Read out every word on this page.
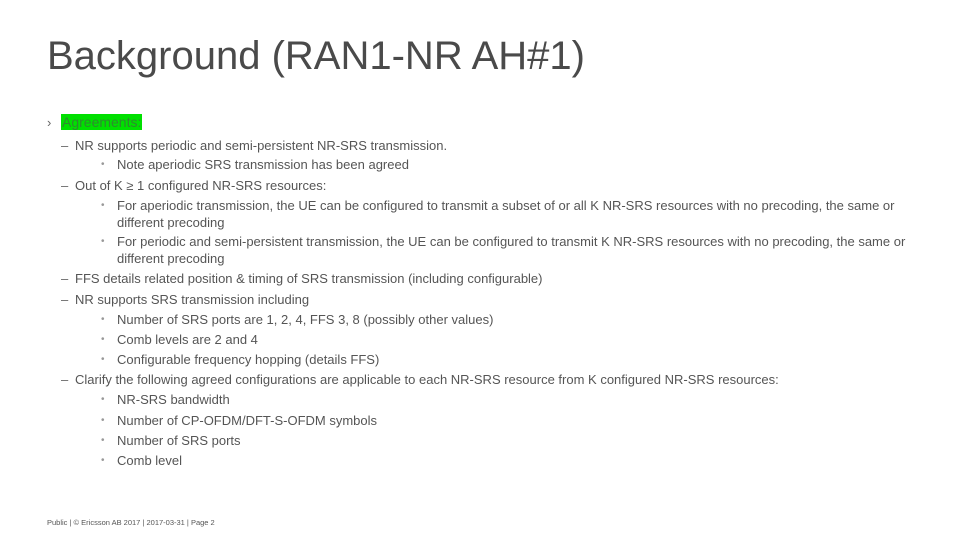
Background (RAN1-NR AH#1)
› Agreements:
– NR supports periodic and semi-persistent NR-SRS transmission.
• Note aperiodic SRS transmission has been agreed
– Out of K ≥ 1 configured NR-SRS resources:
• For aperiodic transmission, the UE can be configured to transmit a subset of or all K NR-SRS resources with no precoding, the same or different precoding
• For periodic and semi-persistent transmission, the UE can be configured to transmit K NR-SRS resources with no precoding, the same or different precoding
– FFS details related position & timing of SRS transmission (including configurable)
– NR supports SRS transmission including
• Number of SRS ports are 1, 2, 4, FFS 3, 8 (possibly other values)
• Comb levels are 2 and 4
• Configurable frequency hopping (details FFS)
– Clarify the following agreed configurations are applicable to each NR-SRS resource from K configured NR-SRS resources:
• NR-SRS bandwidth
• Number of CP-OFDM/DFT-S-OFDM symbols
• Number of SRS ports
• Comb level
Public | © Ericsson AB 2017 | 2017-03-31 | Page 2
